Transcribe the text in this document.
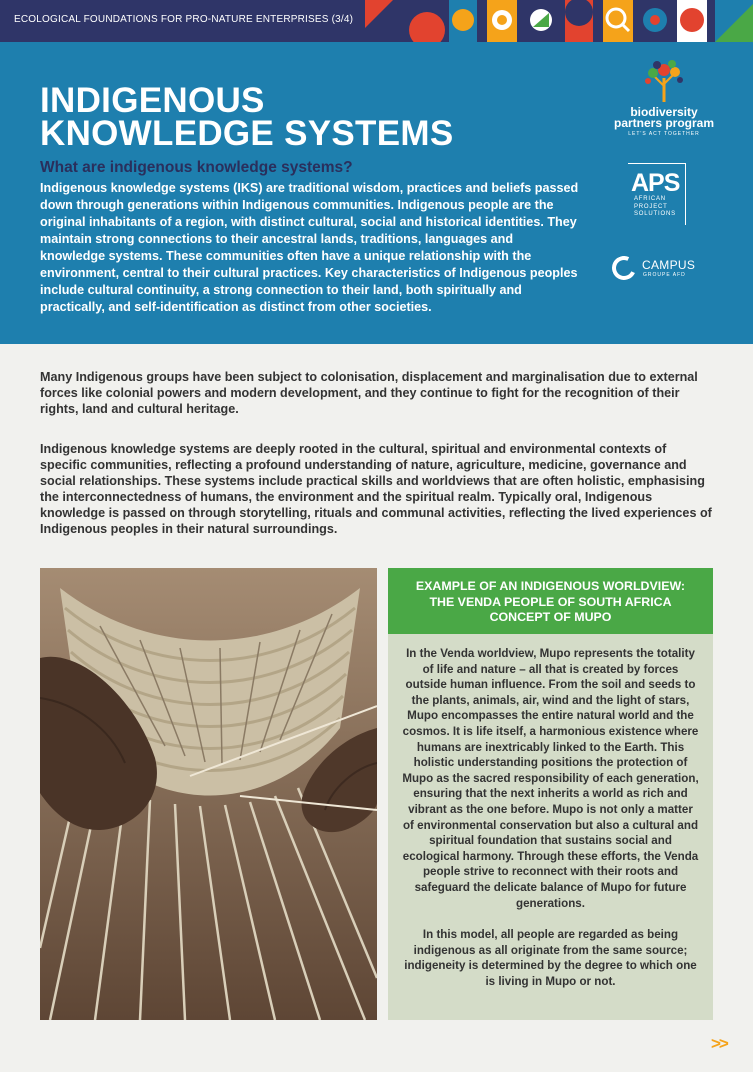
ECOLOGICAL FOUNDATIONS FOR PRO-NATURE ENTERPRISES (3/4)
INDIGENOUS
KNOWLEDGE SYSTEMS
What are indigenous knowledge systems?
Indigenous knowledge systems (IKS) are traditional wisdom, practices and beliefs passed down through generations within Indigenous communities. Indigenous people are the original inhabitants of a region, with distinct cultural, social and historical identities. They maintain strong connections to their ancestral lands, traditions, languages and knowledge systems. These communities often have a unique relationship with the environment, central to their cultural practices. Key characteristics of Indigenous peoples include cultural continuity, a strong connection to their land, both spiritually and practically, and self-identification as distinct from other societies.
biodiversity
partners program
LET'S ACT TOGETHER
APS
AFRICAN
PROJECT
SOLUTIONS
CAMPUS
GROUPE AFD
Many Indigenous groups have been subject to colonisation, displacement and marginalisation due to external forces like colonial powers and modern development, and they continue to fight for the recognition of their rights, land and cultural heritage.
Indigenous knowledge systems are deeply rooted in the cultural, spiritual and environmental contexts of specific communities, reflecting a profound understanding of nature, agriculture, medicine, governance and social relationships. These systems include practical skills and worldviews that are often holistic, emphasising the interconnectedness of humans, the environment and the spiritual realm. Typically oral, Indigenous knowledge is passed on through storytelling, rituals and communal activities, reflecting the lived experiences of Indigenous peoples in their natural surroundings.
EXAMPLE OF AN INDIGENOUS WORLDVIEW:
THE VENDA PEOPLE OF SOUTH AFRICA
CONCEPT OF MUPO

In the Venda worldview, Mupo represents the totality of life and nature – all that is created by forces outside human influence. From the soil and seeds to the plants, animals, air, wind and the light of stars, Mupo encompasses the entire natural world and the cosmos. It is life itself, a harmonious existence where humans are inextricably linked to the Earth. This holistic understanding positions the protection of Mupo as the sacred responsibility of each generation, ensuring that the next inherits a world as rich and vibrant as the one before. Mupo is not only a matter of environmental conservation but also a cultural and spiritual foundation that sustains social and ecological harmony. Through these efforts, the Venda people strive to reconnect with their roots and safeguard the delicate balance of Mupo for future generations.

In this model, all people are regarded as being indigenous as all originate from the same source; indigeneity is determined by the degree to which one is living in Mupo or not.

>>
